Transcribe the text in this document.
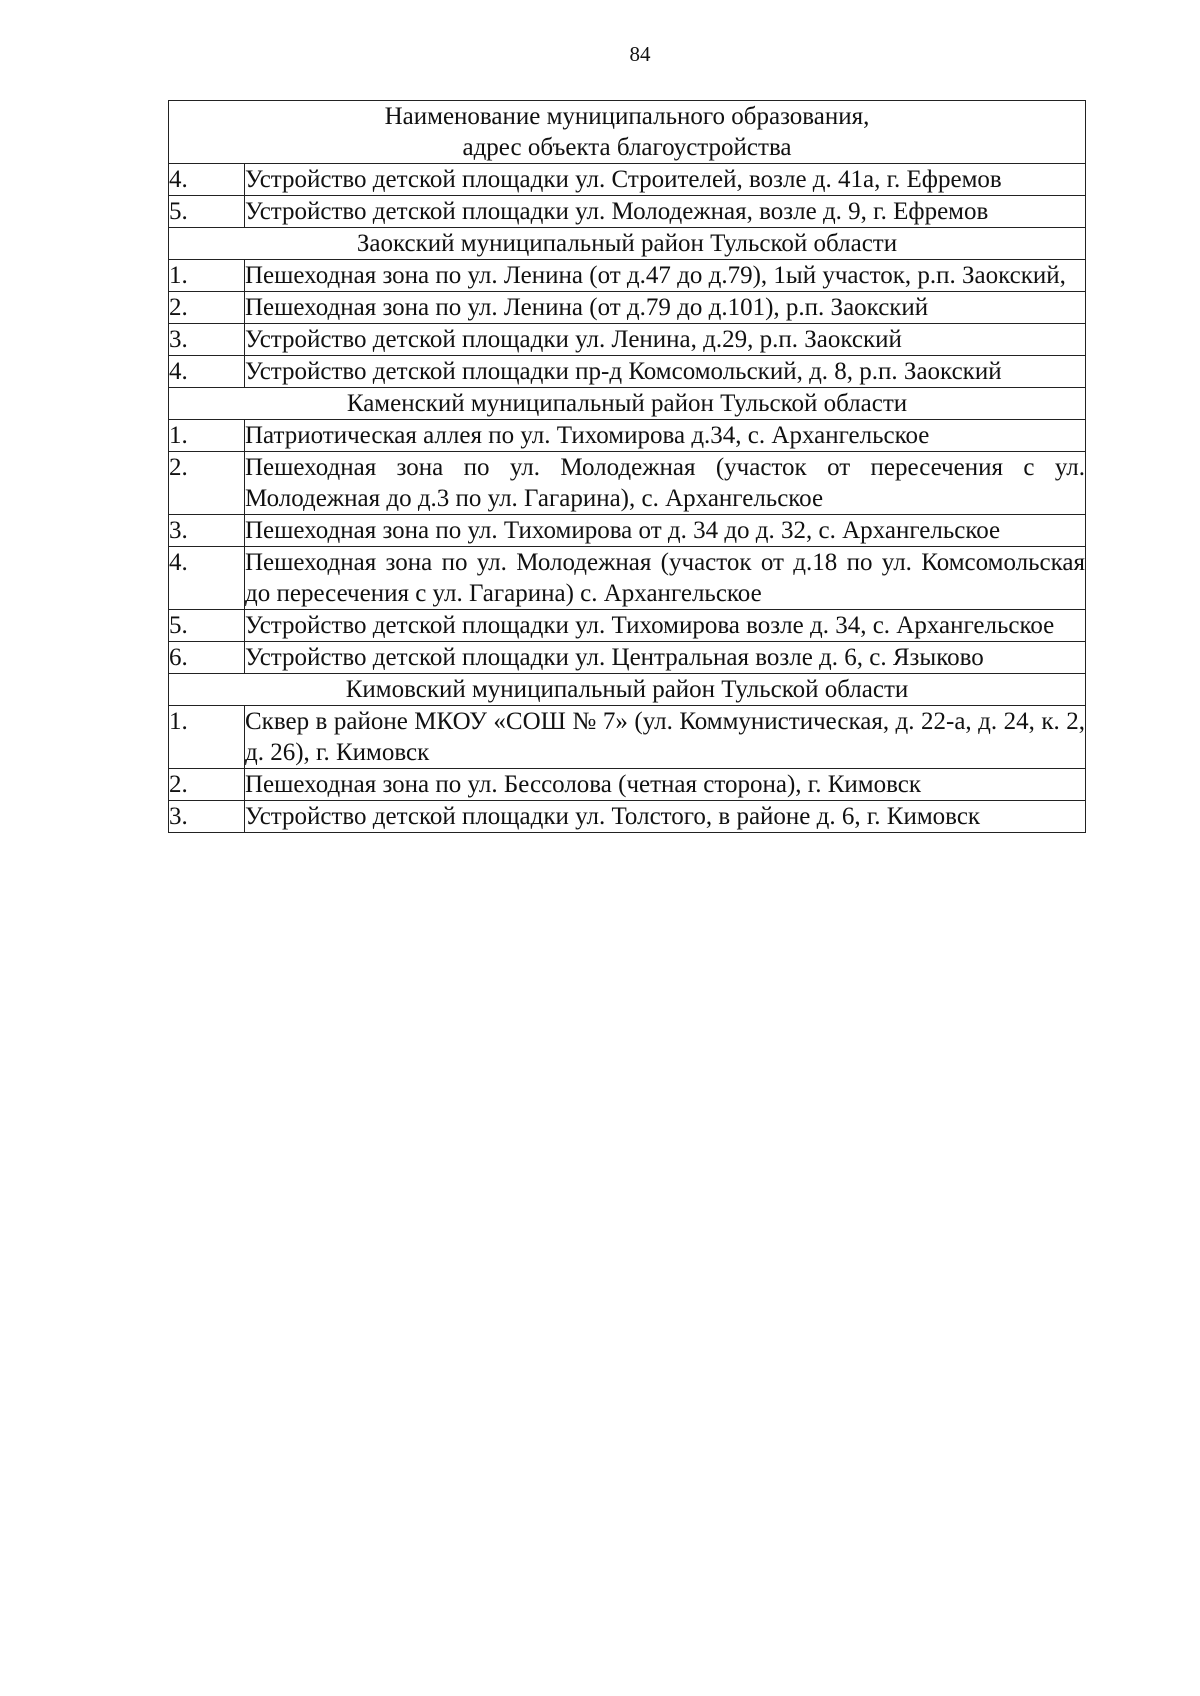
84
Наименование муниципального образования,
адрес объекта благоустройства	

4.	Устройство детской площадки ул. Строителей, возле д. 41а, г. Ефремов
5.	Устройство детской площадки ул. Молодежная, возле д. 9, г. Ефремов
Заокский муниципальный район Тульской области	
1.	Пешеходная зона по ул. Ленина (от д.47 до д.79), 1ый участок, р.п. Заокский,
2.	Пешеходная зона по ул. Ленина (от д.79 до д.101), р.п. Заокский
3.	Устройство детской площадки ул. Ленина, д.29, р.п. Заокский
4.	Устройство детской площадки пр-д Комсомольский, д. 8, р.п. Заокский
Каменский муниципальный район Тульской области	
1.	Патриотическая аллея по ул. Тихомирова д.34, с. Архангельское
2.	Пешеходная зона по ул. Молодежная (участок от пересечения с ул. Молодежная до д.3 по ул. Гагарина), с. Архангельское
3.	Пешеходная зона по ул. Тихомирова от д. 34 до д. 32, с. Архангельское
4.	Пешеходная зона по ул. Молодежная (участок от д.18 по ул. Комсомольская до пересечения с ул. Гагарина) с. Архангельское
5.	Устройство детской площадки ул. Тихомирова возле д. 34, с. Архангельское
6.	Устройство детской площадки ул. Центральная возле д. 6, с. Языково
Кимовский муниципальный район Тульской области	
1.	Сквер в районе МКОУ «СОШ № 7» (ул. Коммунистическая, д. 22-а, д. 24, к. 2, д. 26), г. Кимовск
2.	Пешеходная зона по ул. Бессолова (четная сторона), г. Кимовск
3.	Устройство детской площадки ул. Толстого, в районе д. 6, г. Кимовск
